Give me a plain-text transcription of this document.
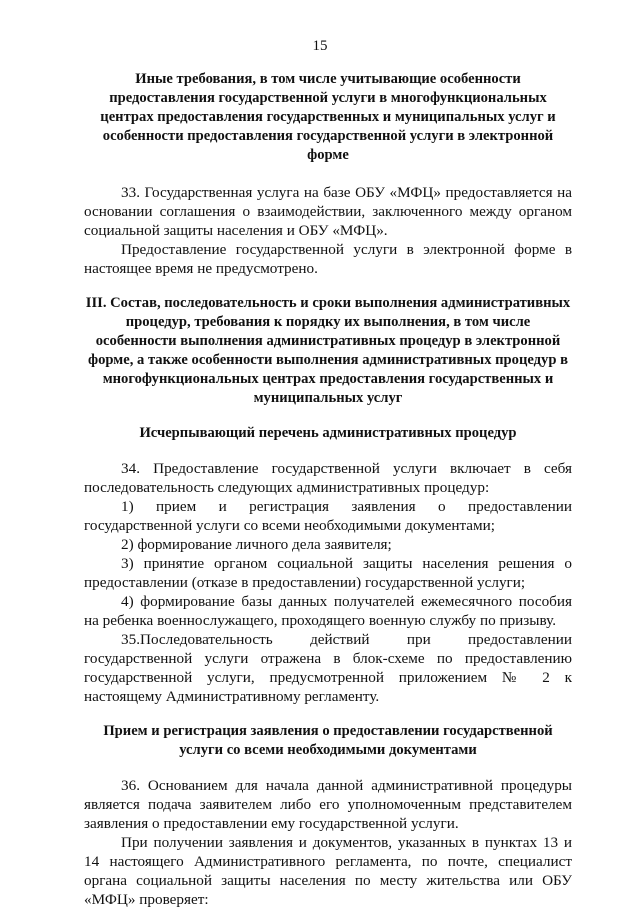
15

Иные требования, в том числе учитывающие особенности предоставления государственной услуги в многофункциональных центрах предоставления государственных и муниципальных услуг и особенности предоставления государственной услуги в электронной форме

33. Государственная услуга на базе ОБУ «МФЦ» предоставляется на основании соглашения о взаимодействии, заключенного между органом социальной защиты населения и ОБУ «МФЦ».

Предоставление государственной услуги в электронной форме в настоящее время не предусмотрено.

III. Состав, последовательность и сроки выполнения административных процедур, требования к порядку их выполнения, в том числе особенности выполнения административных процедур в электронной форме, а также особенности выполнения административных процедур в многофункциональных центрах предоставления государственных и муниципальных услуг

Исчерпывающий перечень административных процедур

34. Предоставление государственной услуги включает в себя последовательность следующих административных процедур:

1) прием и регистрация заявления о предоставлении государственной услуги со всеми необходимыми документами;

2) формирование личного дела заявителя;

3) принятие органом социальной защиты населения решения о предоставлении (отказе в предоставлении) государственной услуги;

4) формирование базы данных получателей ежемесячного пособия на ребенка военнослужащего, проходящего военную службу по призыву.

35.Последовательность действий при предоставлении государственной услуги отражена в блок-схеме по предоставлению государственной услуги, предусмотренной приложением № 2 к настоящему Административному регламенту.

Прием и регистрация заявления о предоставлении государственной услуги со всеми необходимыми документами

36. Основанием для начала данной административной процедуры является подача заявителем либо его уполномоченным представителем заявления о предоставлении ему государственной услуги.

При получении заявления и документов, указанных в пунктах 13 и 14 настоящего Административного регламента, по почте, специалист органа социальной защиты населения по месту жительства или ОБУ «МФЦ» проверяет:
